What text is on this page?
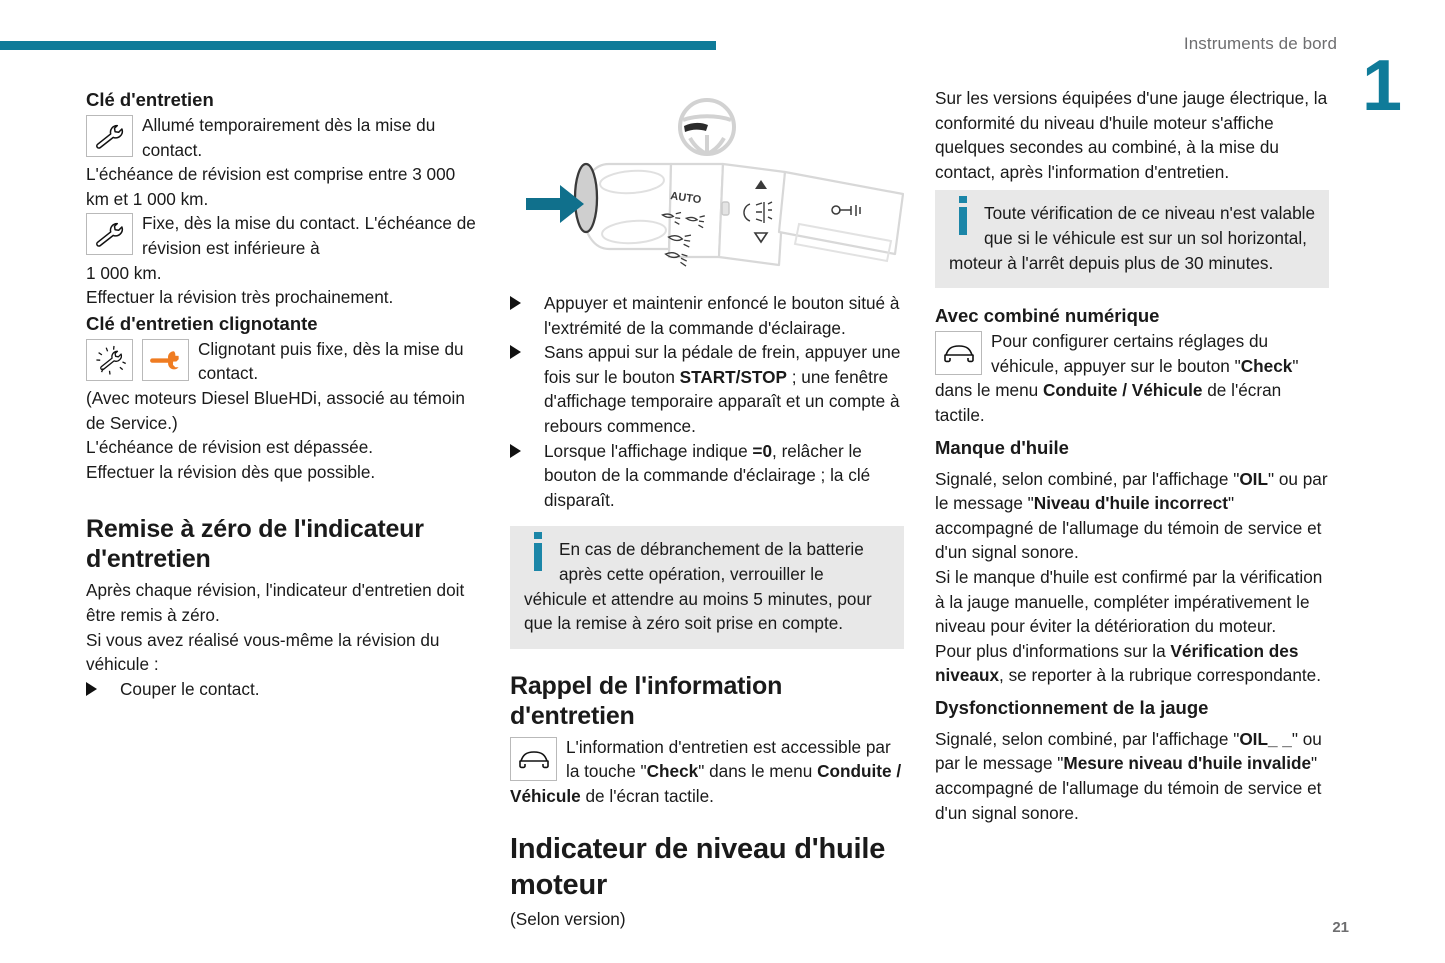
Instruments de bord
1
21
Clé d'entretien
Allumé temporairement dès la mise du contact.

L'échéance de révision est comprise entre 3 000 km et 1 000 km.

Fixe, dès la mise du contact. L'échéance de révision est inférieure à

1 000 km.

Effectuer la révision très prochainement.

Clé d'entretien clignotante
Clignotant puis fixe, dès la mise du contact.

(Avec moteurs Diesel BlueHDi, associé au témoin de Service.)

L'échéance de révision est dépassée.

Effectuer la révision dès que possible.

Remise à zéro de l'indicateur d'entretien

Après chaque révision, l'indicateur d'entretien doit être remis à zéro.

Si vous avez réalisé vous-même la révision du véhicule :

Couper le contact.
AUTO
Appuyer et maintenir enfoncé le bouton situé à l'extrémité de la commande d'éclairage.
Sans appui sur la pédale de frein, appuyer une fois sur le bouton START/STOP ; une fenêtre d'affichage temporaire apparaît et un compte à rebours commence.
Lorsque l'affichage indique =0, relâcher le bouton de la commande d'éclairage ; la clé disparaît.
En cas de débranchement de la batterie après cette opération, verrouiller le véhicule et attendre au moins 5 minutes, pour que la remise à zéro soit prise en compte.
Rappel de l'information d'entretien
L'information d'entretien est accessible par la touche "Check" dans le menu Conduite / Véhicule de l'écran tactile.
Indicateur de niveau d'huile moteur

(Selon version)

Sur les versions équipées d'une jauge électrique, la conformité du niveau d'huile moteur s'affiche quelques secondes au combiné, à la mise du contact, après l'information d'entretien.

Toute vérification de ce niveau n'est valable que si le véhicule est sur un sol horizontal, moteur à l'arrêt depuis plus de 30 minutes.
Avec combiné numérique
Pour configurer certains réglages du véhicule, appuyer sur le bouton "Check" dans le menu Conduite / Véhicule de l'écran tactile.
Manque d'huile

Signalé, selon combiné, par l'affichage "OIL" ou par le message "Niveau d'huile incorrect" accompagné de l'allumage du témoin de service et d'un signal sonore.

Si le manque d'huile est confirmé par la vérification à la jauge manuelle, compléter impérativement le niveau pour éviter la détérioration du moteur.

Pour plus d'informations sur la Vérification des niveaux, se reporter à la rubrique correspondante.

Dysfonctionnement de la jauge

Signalé, selon combiné, par l'affichage "OIL_ _" ou par le message "Mesure niveau d'huile invalide" accompagné de l'allumage du témoin de service et d'un signal sonore.
